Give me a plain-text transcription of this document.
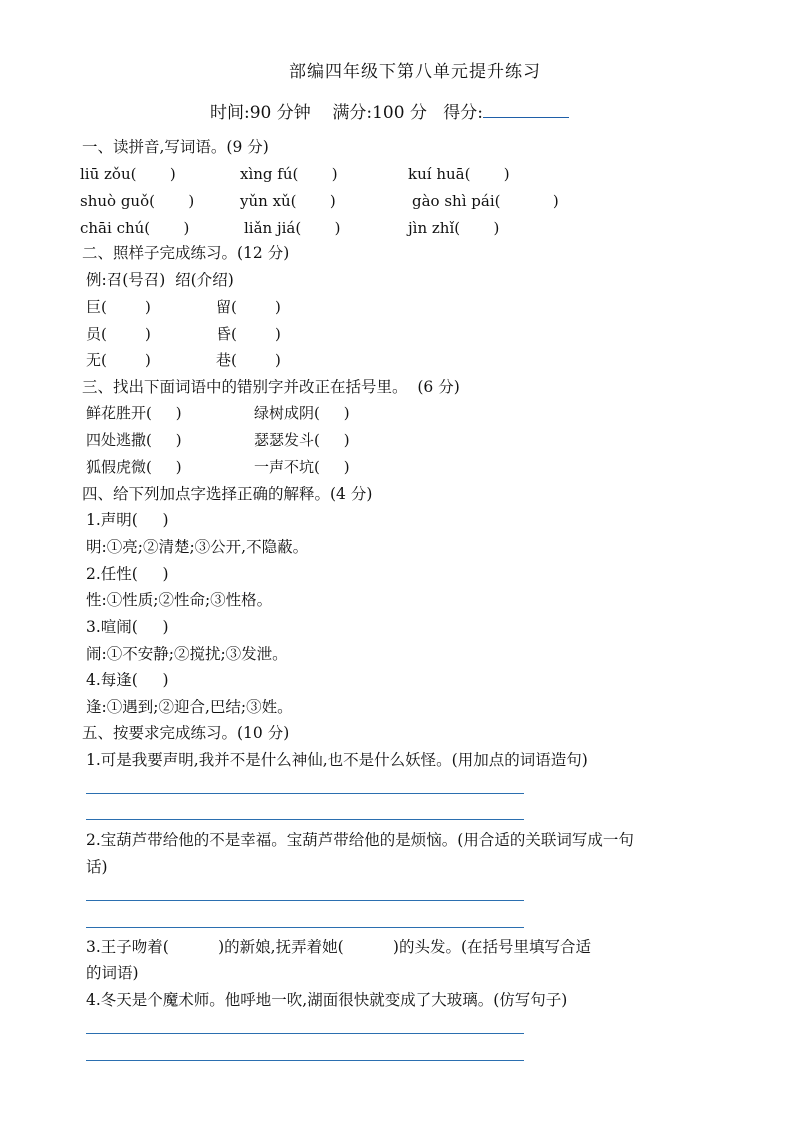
部编四年级下第八单元提升练习
时间:90 分钟 满分:100 分 得分:
一、读拼音,写词语。(9 分)
liū zǒu(       )	xìng fú(       )	kuí huā(       )
shuò guǒ(       )	yǔn xǔ(       )	gào shì pái(           )
chāi chú(       )	liǎn jiá(       )	jìn zhǐ(       )
二、照样子完成练习。(12 分)
例:召(号召)  绍(介绍)
巨(        )	留(        )
员(        )	昏(        )
无(        )	巷(        )
三、找出下面词语中的错别字并改正在括号里。  (6 分)
鲜花胜开(     )	绿树成阴(     )
四处逃撒(     )	瑟瑟发斗(     )
狐假虎微(     )	一声不坑(     )
四、给下列加点字选择正确的解释。(4 分)
1.声明(     )
明:①亮;②清楚;③公开,不隐蔽。
2.任性(     )
性:①性质;②性命;③性格。
3.喧闹(     )
闹:①不安静;②搅扰;③发泄。
4.每逢(     )
逢:①遇到;②迎合,巴结;③姓。
五、按要求完成练习。(10 分)
1.可是我要声明,我并不是什么神仙,也不是什么妖怪。(用加点的词语造句)
2.宝葫芦带给他的不是幸福。宝葫芦带给他的是烦恼。(用合适的关联词写成一句
话)
3.王子吻着(          )的新娘,抚弄着她(          )的头发。(在括号里填写合适
的词语)
4.冬天是个魔术师。他呼地一吹,湖面很快就变成了大玻璃。(仿写句子)
